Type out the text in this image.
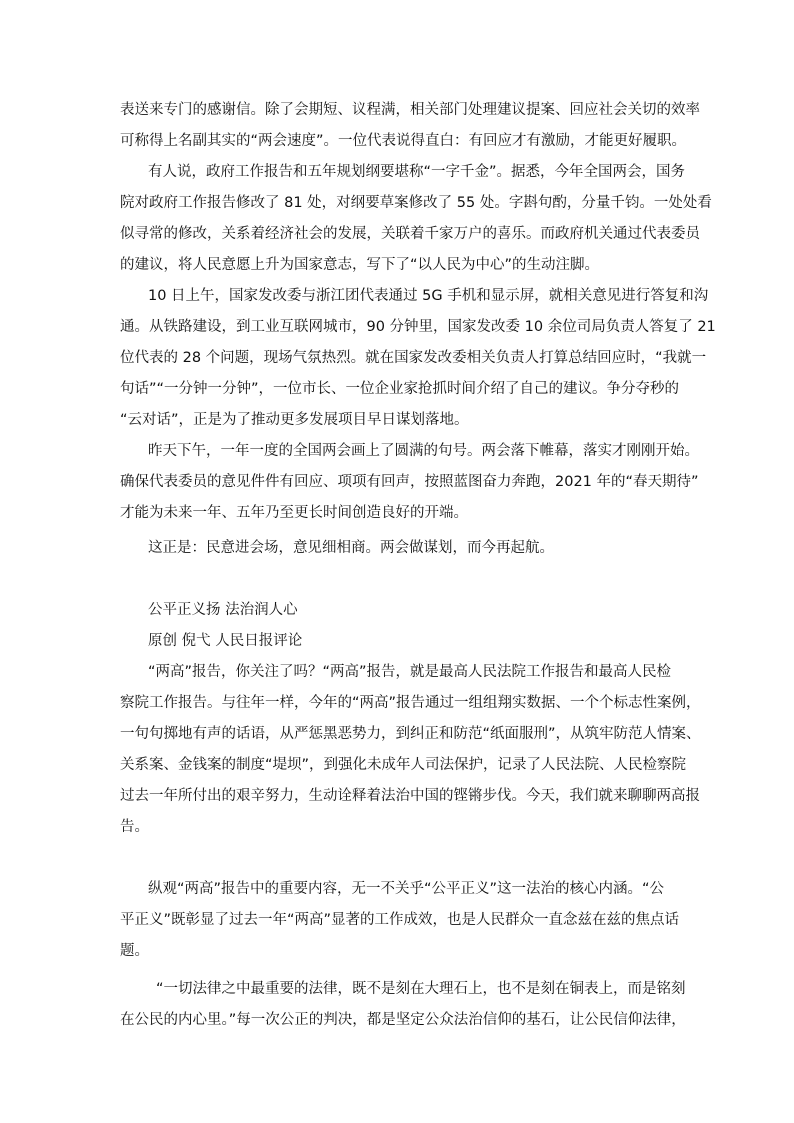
表送来专门的感谢信。除了会期短、议程满，相关部门处理建议提案、回应社会关切的效率
可称得上名副其实的“两会速度”。一位代表说得直白：有回应才有激励，才能更好履职。
有人说，政府工作报告和五年规划纲要堪称“一字千金”。据悉，今年全国两会，国务
院对政府工作报告修改了 81 处，对纲要草案修改了 55 处。字斟句酌，分量千钧。一处处看
似寻常的修改，关系着经济社会的发展，关联着千家万户的喜乐。而政府机关通过代表委员
的建议，将人民意愿上升为国家意志，写下了“以人民为中心”的生动注脚。
10 日上午，国家发改委与浙江团代表通过 5G 手机和显示屏，就相关意见进行答复和沟
通。从铁路建设，到工业互联网城市，90 分钟里，国家发改委 10 余位司局负责人答复了 21
位代表的 28 个问题，现场气氛热烈。就在国家发改委相关负责人打算总结回应时，“我就一
句话”“一分钟一分钟”，一位市长、一位企业家抢抓时间介绍了自己的建议。争分夺秒的
“云对话”，正是为了推动更多发展项目早日谋划落地。
昨天下午，一年一度的全国两会画上了圆满的句号。两会落下帷幕，落实才刚刚开始。
确保代表委员的意见件件有回应、项项有回声，按照蓝图奋力奔跑，2021 年的“春天期待”
才能为未来一年、五年乃至更长时间创造良好的开端。
这正是：民意进会场，意见细相商。两会做谋划，而今再起航。
公平正义扬 法治润人心
原创 倪弋 人民日报评论
“两高”报告，你关注了吗？“两高”报告，就是最高人民法院工作报告和最高人民检
察院工作报告。与往年一样，今年的“两高”报告通过一组组翔实数据、一个个标志性案例，
一句句掷地有声的话语，从严惩黑恶势力，到纠正和防范“纸面服刑”，从筑牢防范人情案、
关系案、金钱案的制度“堤坝”，到强化未成年人司法保护，记录了人民法院、人民检察院
过去一年所付出的艰辛努力，生动诠释着法治中国的铿锵步伐。今天，我们就来聊聊两高报
告。
纵观“两高”报告中的重要内容，无一不关乎“公平正义”这一法治的核心内涵。“公
平正义”既彰显了过去一年“两高”显著的工作成效，也是人民群众一直念兹在兹的焦点话
题。
“一切法律之中最重要的法律，既不是刻在大理石上，也不是刻在铜表上，而是铭刻
在公民的内心里。”每一次公正的判决，都是坚定公众法治信仰的基石，让公民信仰法律，
